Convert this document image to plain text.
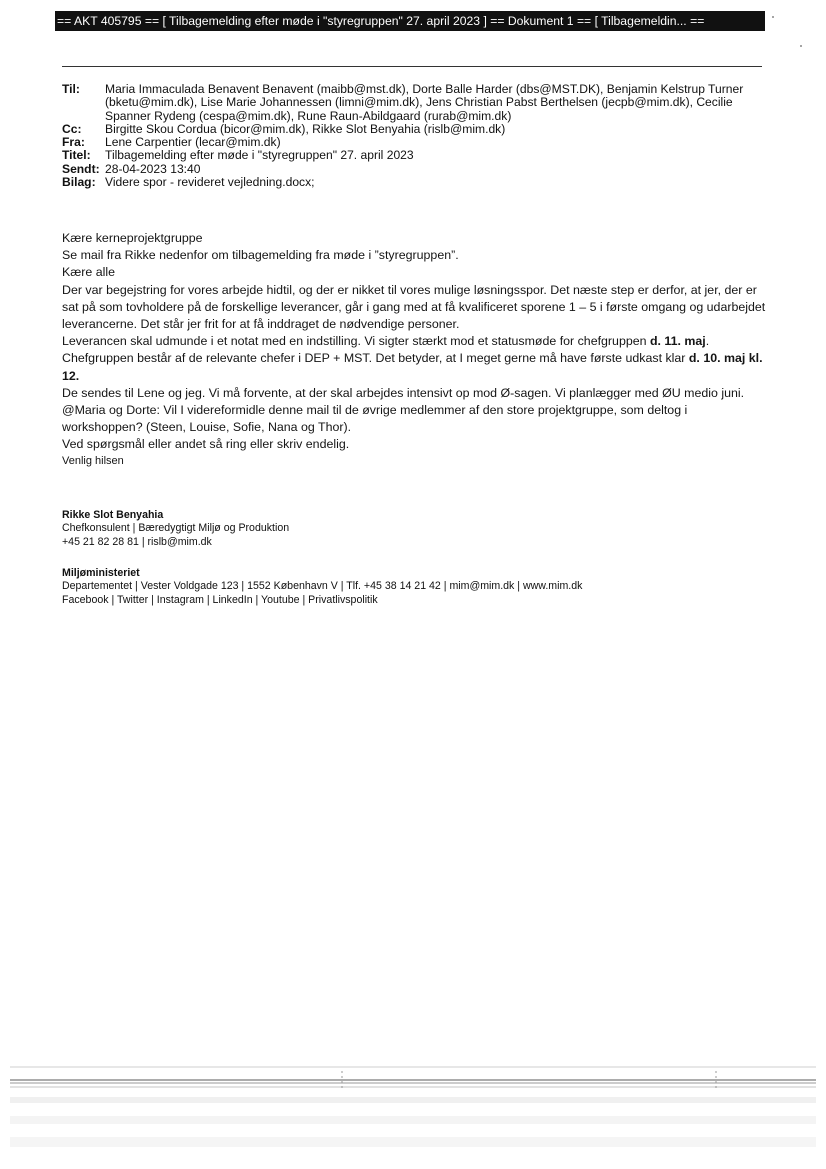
== AKT 405795 == [ Tilbagemelding efter møde i "styregruppen" 27. april 2023 ] == Dokument 1 == [ Tilbagemeldin... ==
Til:	Maria Immaculada Benavent Benavent (maibb@mst.dk), Dorte Balle Harder (dbs@MST.DK), Benjamin Kelstrup Turner (bketu@mim.dk), Lise Marie Johannessen (limni@mim.dk), Jens Christian Pabst Berthelsen (jecpb@mim.dk), Cecilie Spanner Rydeng (cespa@mim.dk), Rune Raun-Abildgaard (rurab@mim.dk)
Cc:	Birgitte Skou Cordua (bicor@mim.dk), Rikke Slot Benyahia (rislb@mim.dk)
Fra:	Lene Carpentier (lecar@mim.dk)
Titel:	Tilbagemelding efter møde i "styregruppen" 27. april 2023
Sendt: 28-04-2023 13:40
Bilag: Videre spor - revideret vejledning.docx;

Kære kerneprojektgruppe

Se mail fra Rikke nedenfor om tilbagemelding fra møde i ”styregruppen”.

Kære alle

Der var begejstring for vores arbejde hidtil, og der er nikket til vores mulige løsningsspor. Det næste step er derfor, at jer, der er sat på som tovholdere på de forskellige leverancer, går i gang med at få kvalificeret sporene 1 – 5 i første omgang og udarbejdet leverancerne. Det står jer frit for at få inddraget de nødvendige personer.

Leverancen skal udmunde i et notat med en indstilling. Vi sigter stærkt mod et statusmøde for chefgruppen d. 11. maj. Chefgruppen består af de relevante chefer i DEP + MST. Det betyder, at I meget gerne må have første udkast klar d. 10. maj kl. 12.

De sendes til Lene og jeg. Vi må forvente, at der skal arbejdes intensivt op mod Ø-sagen. Vi planlægger med ØU medio juni.

@Maria og Dorte: Vil I videreformidle denne mail til de øvrige medlemmer af den store projektgruppe, som deltog i workshoppen? (Steen, Louise, Sofie, Nana og Thor).

Ved spørgsmål eller andet så ring eller skriv endelig.

Venlig hilsen

Rikke Slot Benyahia
Chefkonsulent | Bæredygtigt Miljø og Produktion
+45 21 82 28 81 | rislb@mim.dk
Miljøministeriet
Departementet | Vester Voldgade 123 | 1552 København V | Tlf. +45 38 14 21 42 | mim@mim.dk | www.mim.dk
Facebook | Twitter | Instagram | LinkedIn | Youtube | Privatlivspolitik
